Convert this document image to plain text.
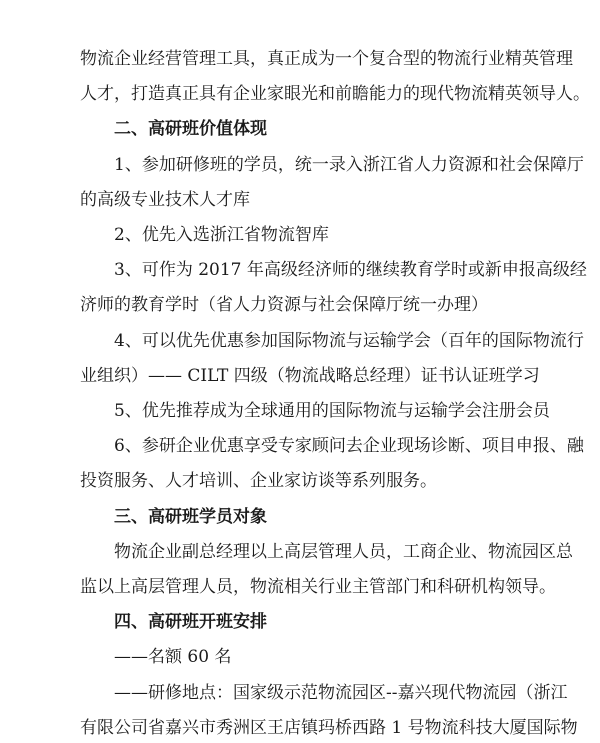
物流企业经营管理工具，真正成为一个复合型的物流行业精英管理
人才，打造真正具有企业家眼光和前瞻能力的现代物流精英领导人。
二、高研班价值体现
1、参加研修班的学员，统一录入浙江省人力资源和社会保障厅
的高级专业技术人才库
2、优先入选浙江省物流智库
3、可作为 2017 年高级经济师的继续教育学时或新申报高级经
济师的教育学时（省人力资源与社会保障厅统一办理）
4、可以优先优惠参加国际物流与运输学会（百年的国际物流行
业组织）—— CILT 四级（物流战略总经理）证书认证班学习
5、优先推荐成为全球通用的国际物流与运输学会注册会员
6、参研企业优惠享受专家顾问去企业现场诊断、项目申报、融
投资服务、人才培训、企业家访谈等系列服务。
三、高研班学员对象
物流企业副总经理以上高层管理人员，工商企业、物流园区总
监以上高层管理人员，物流相关行业主管部门和科研机构领导。
四、高研班开班安排
——名额 60 名
——研修地点：国家级示范物流园区--嘉兴现代物流园（浙江
有限公司省嘉兴市秀洲区王店镇玛桥西路 1 号物流科技大厦国际物
